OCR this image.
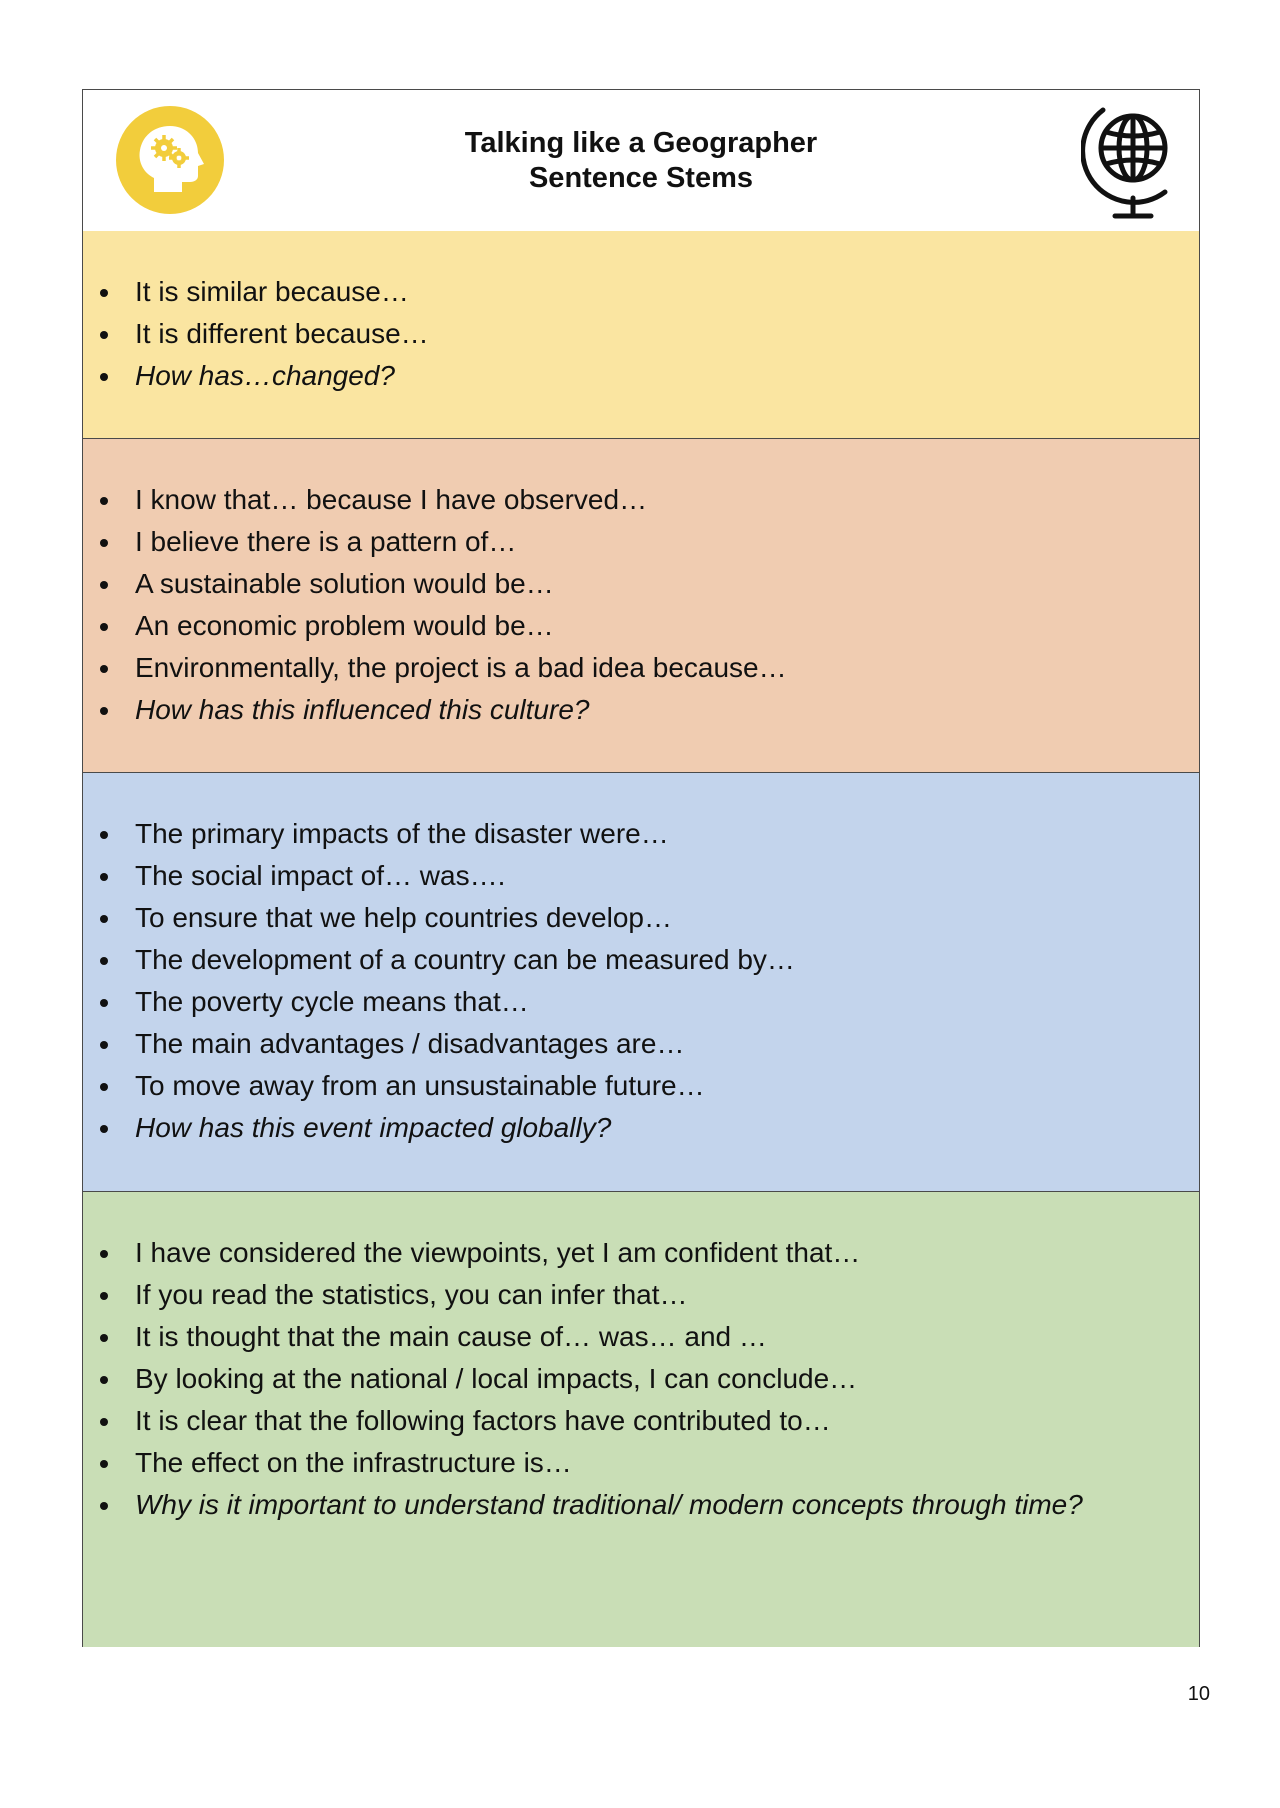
Talking like a Geographer
Sentence Stems
It is similar because…
It is different because…
How has…changed?
I know that… because I have observed…
I believe there is a pattern of…
A sustainable solution would be…
An economic problem would be…
Environmentally, the project is a bad idea because…
How has this influenced this culture?
The primary impacts of the disaster were…
The social impact of… was….
To ensure that we help countries develop…
The development of a country can be measured by…
The poverty cycle means that…
The main advantages / disadvantages are…
To move away from an unsustainable future…
How has this event impacted globally?
I have considered the viewpoints, yet I am confident that…
If you read the statistics, you can infer that…
It is thought that the main cause of… was… and …
By looking at the national / local impacts, I can conclude…
It is clear that the following factors have contributed to…
The effect on the infrastructure is…
Why is it important to understand traditional/ modern concepts through time?
10
